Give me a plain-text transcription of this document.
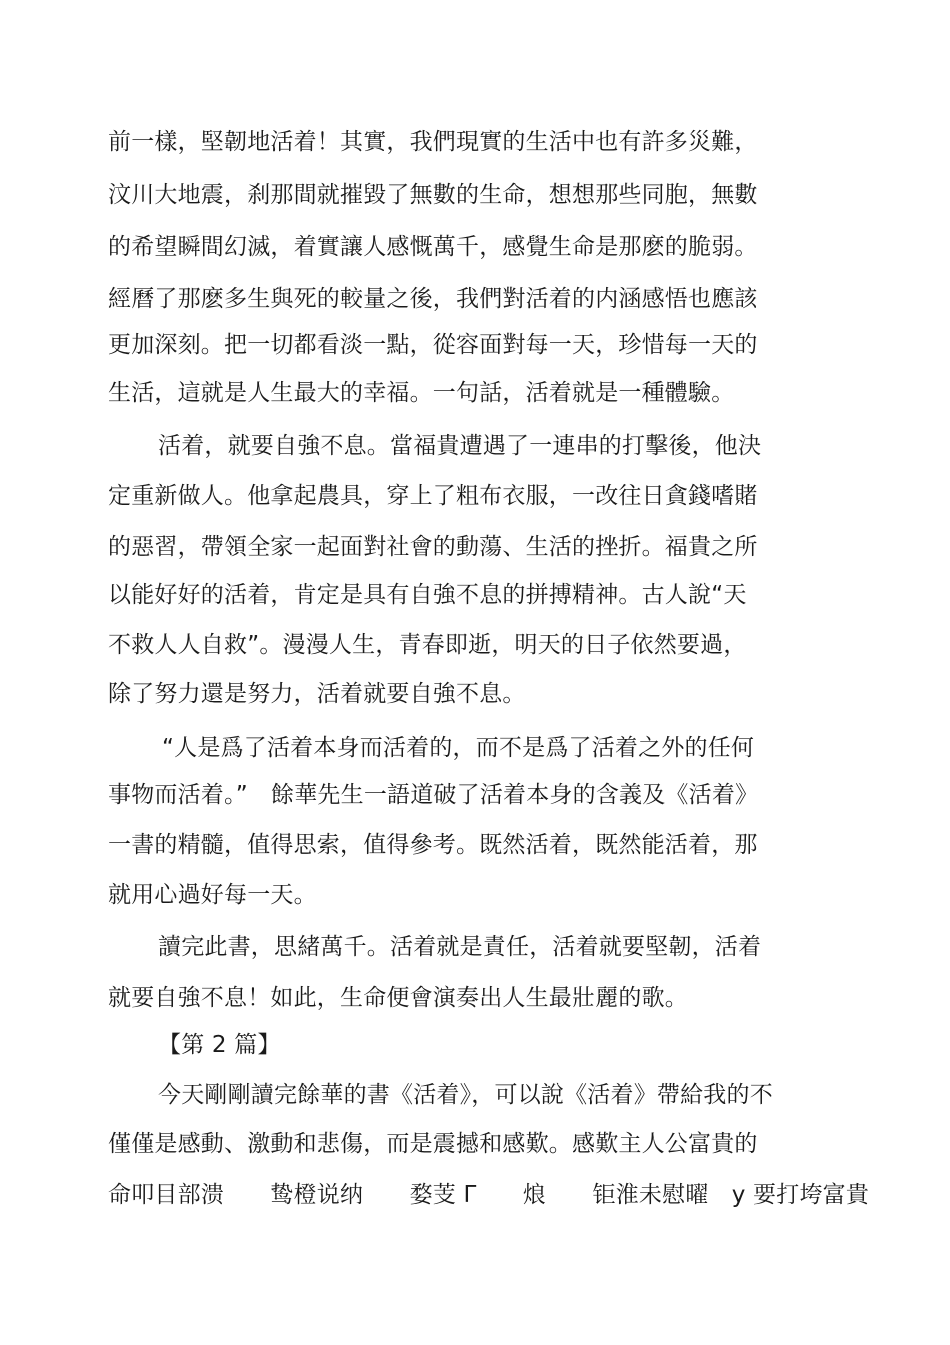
前一樣，堅韌地活着！其實，我們現實的生活中也有許多災難，
汶川大地震，刹那間就摧毀了無數的生命，想想那些同胞，無數
的希望瞬間幻滅，着實讓人感慨萬千，感覺生命是那麽的脆弱。
經曆了那麽多生與死的較量之後，我們對活着的内涵感悟也應該
更加深刻。把一切都看淡一點，從容面對每一天，珍惜每一天的
生活，這就是人生最大的幸福。一句話，活着就是一種體驗。
活着，就要自強不息。當福貴遭遇了一連串的打擊後，他決
定重新做人。他拿起農具，穿上了粗布衣服，一改往日貪錢嗜賭
的惡習，帶領全家一起面對社會的動蕩、生活的挫折。福貴之所
以能好好的活着，肯定是具有自強不息的拼搏精神。古人說“天
不救人人自救”。漫漫人生，青春即逝，明天的日子依然要過，
除了努力還是努力，活着就要自強不息。
“人是爲了活着本身而活着的，而不是爲了活着之外的任何
事物而活着。”　餘華先生一語道破了活着本身的含義及《活着》
一書的精髓，值得思索，值得參考。既然活着，既然能活着，那
就用心過好每一天。
讀完此書，思緒萬千。活着就是責任，活着就要堅韌，活着
就要自強不息！如此，生命便會演奏出人生最壯麗的歌。
【第 2 篇】
今天剛剛讀完餘華的書《活着》，可以說《活着》帶給我的不
僅僅是感動、激動和悲傷，而是震撼和感歎。感歎主人公富貴的
命叩目部溃　　鸷橙说纳　　婺芰 Γ　　烺　　钜淮未慰曜　y 要打垮富貴
